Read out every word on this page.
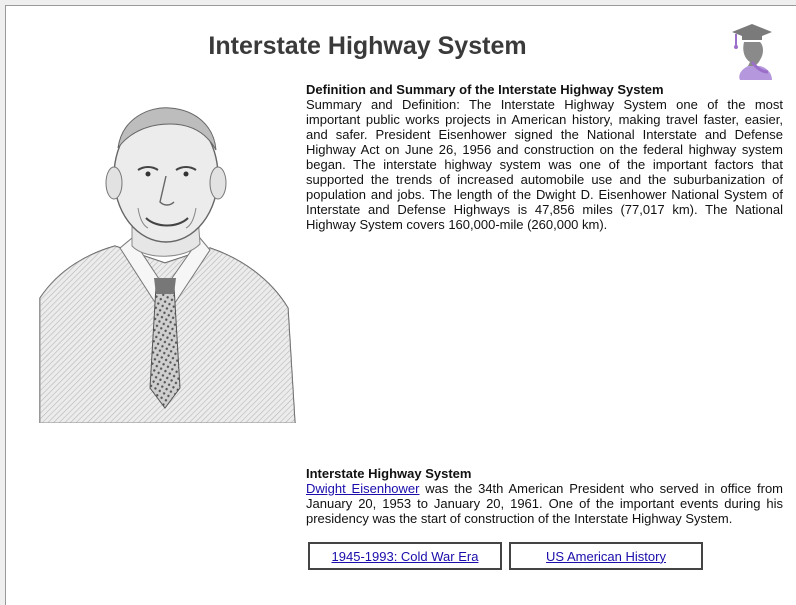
Interstate Highway System
Definition and Summary of the Interstate Highway System

Summary and Definition: The Interstate Highway System one of the most important public works projects in American history, making travel faster, easier, and safer. President Eisenhower signed the National Interstate and Defense Highway Act on June 26, 1956 and construction on the federal highway system began. The interstate highway system was one of the important factors that supported the trends of increased automobile use and the suburbanization of population and jobs. The length of the Dwight D. Eisenhower National System of Interstate and Defense Highways is 47,856 miles (77,017 km). The National Highway System covers 160,000-mile (260,000 km).

Interstate Highway System

Dwight Eisenhower was the 34th American President who served in office from January 20, 1953 to January 20, 1961. One of the important events during his presidency was the start of construction of the Interstate Highway System.

1945-1993: Cold War Era	US American History
